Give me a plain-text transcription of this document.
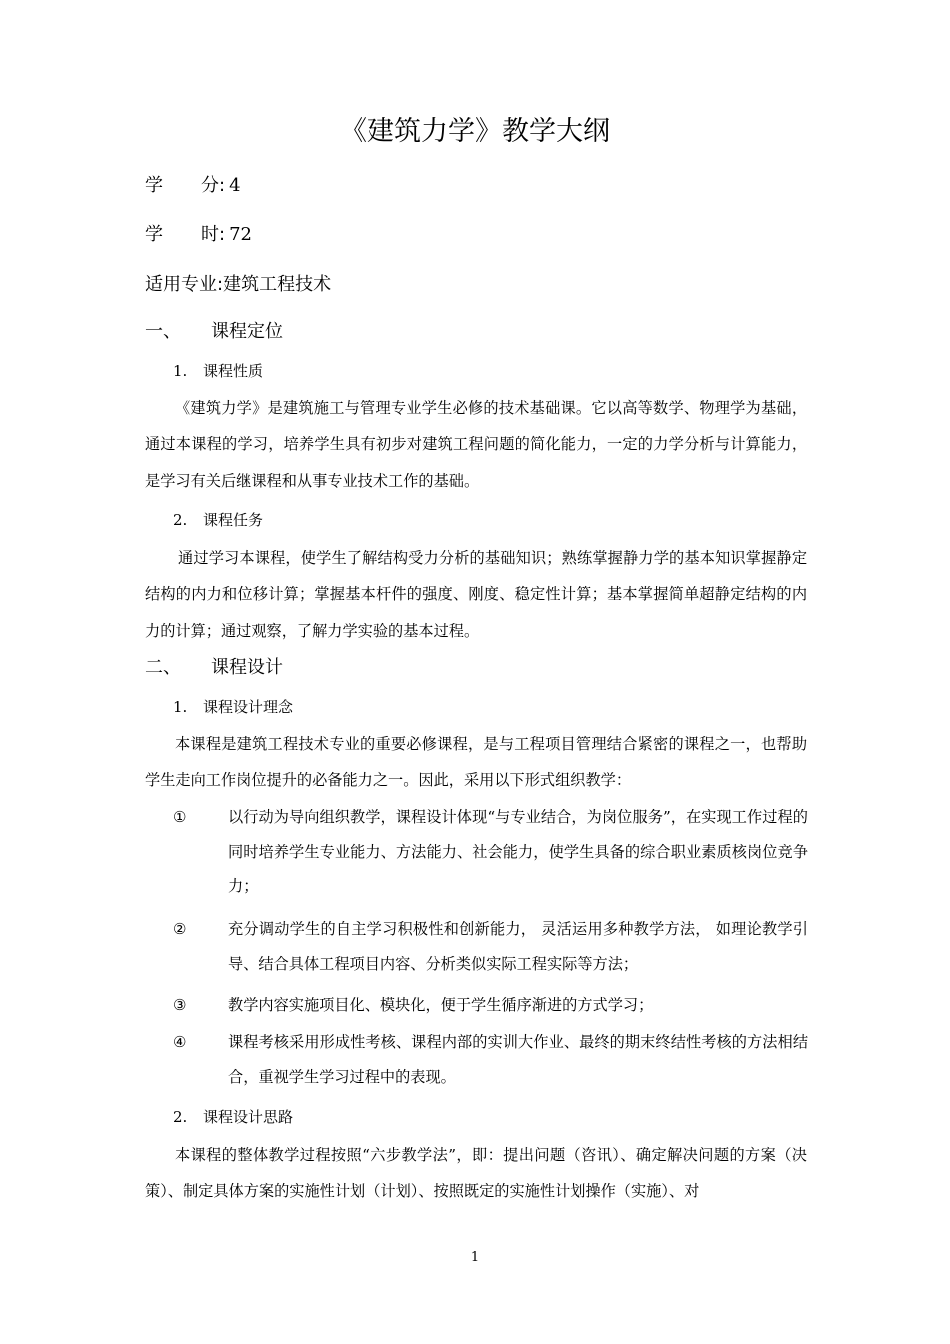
《建筑力学》教学大纲
学 分: 4
学 时: 72
适用专业:建筑工程技术
一、 课程定位
1. 课程性质
《建筑力学》是建筑施工与管理专业学生必修的技术基础课。它以高等数学、物理学为基础，通过本课程的学习，培养学生具有初步对建筑工程问题的简化能力，一定的力学分析与计算能力，是学习有关后继课程和从事专业技术工作的基础。
2. 课程任务
通过学习本课程，使学生了解结构受力分析的基础知识；熟练掌握静力学的基本知识掌握静定结构的内力和位移计算；掌握基本杆件的强度、刚度、稳定性计算；基本掌握简单超静定结构的内力的计算；通过观察，了解力学实验的基本过程。
二、 课程设计
1. 课程设计理念
本课程是建筑工程技术专业的重要必修课程，是与工程项目管理结合紧密的课程之一，也帮助学生走向工作岗位提升的必备能力之一。因此，采用以下形式组织教学：
①	以行动为导向组织教学，课程设计体现“与专业结合，为岗位服务”，在实现工作过程的同时培养学生专业能力、方法能力、社会能力，使学生具备的综合职业素质核岗位竞争力；
②	充分调动学生的自主学习积极性和创新能力， 灵活运用多种教学方法， 如理论教学引导、结合具体工程项目内容、分析类似实际工程实际等方法；
③	教学内容实施项目化、模块化，便于学生循序渐进的方式学习；
④	课程考核采用形成性考核、课程内部的实训大作业、最终的期末终结性考核的方法相结合，重视学生学习过程中的表现。
2. 课程设计思路
本课程的整体教学过程按照“六步教学法”，即：提出问题（咨讯）、确定解决问题的方案（决策）、制定具体方案的实施性计划（计划）、按照既定的实施性计划操作（实施）、对
1
